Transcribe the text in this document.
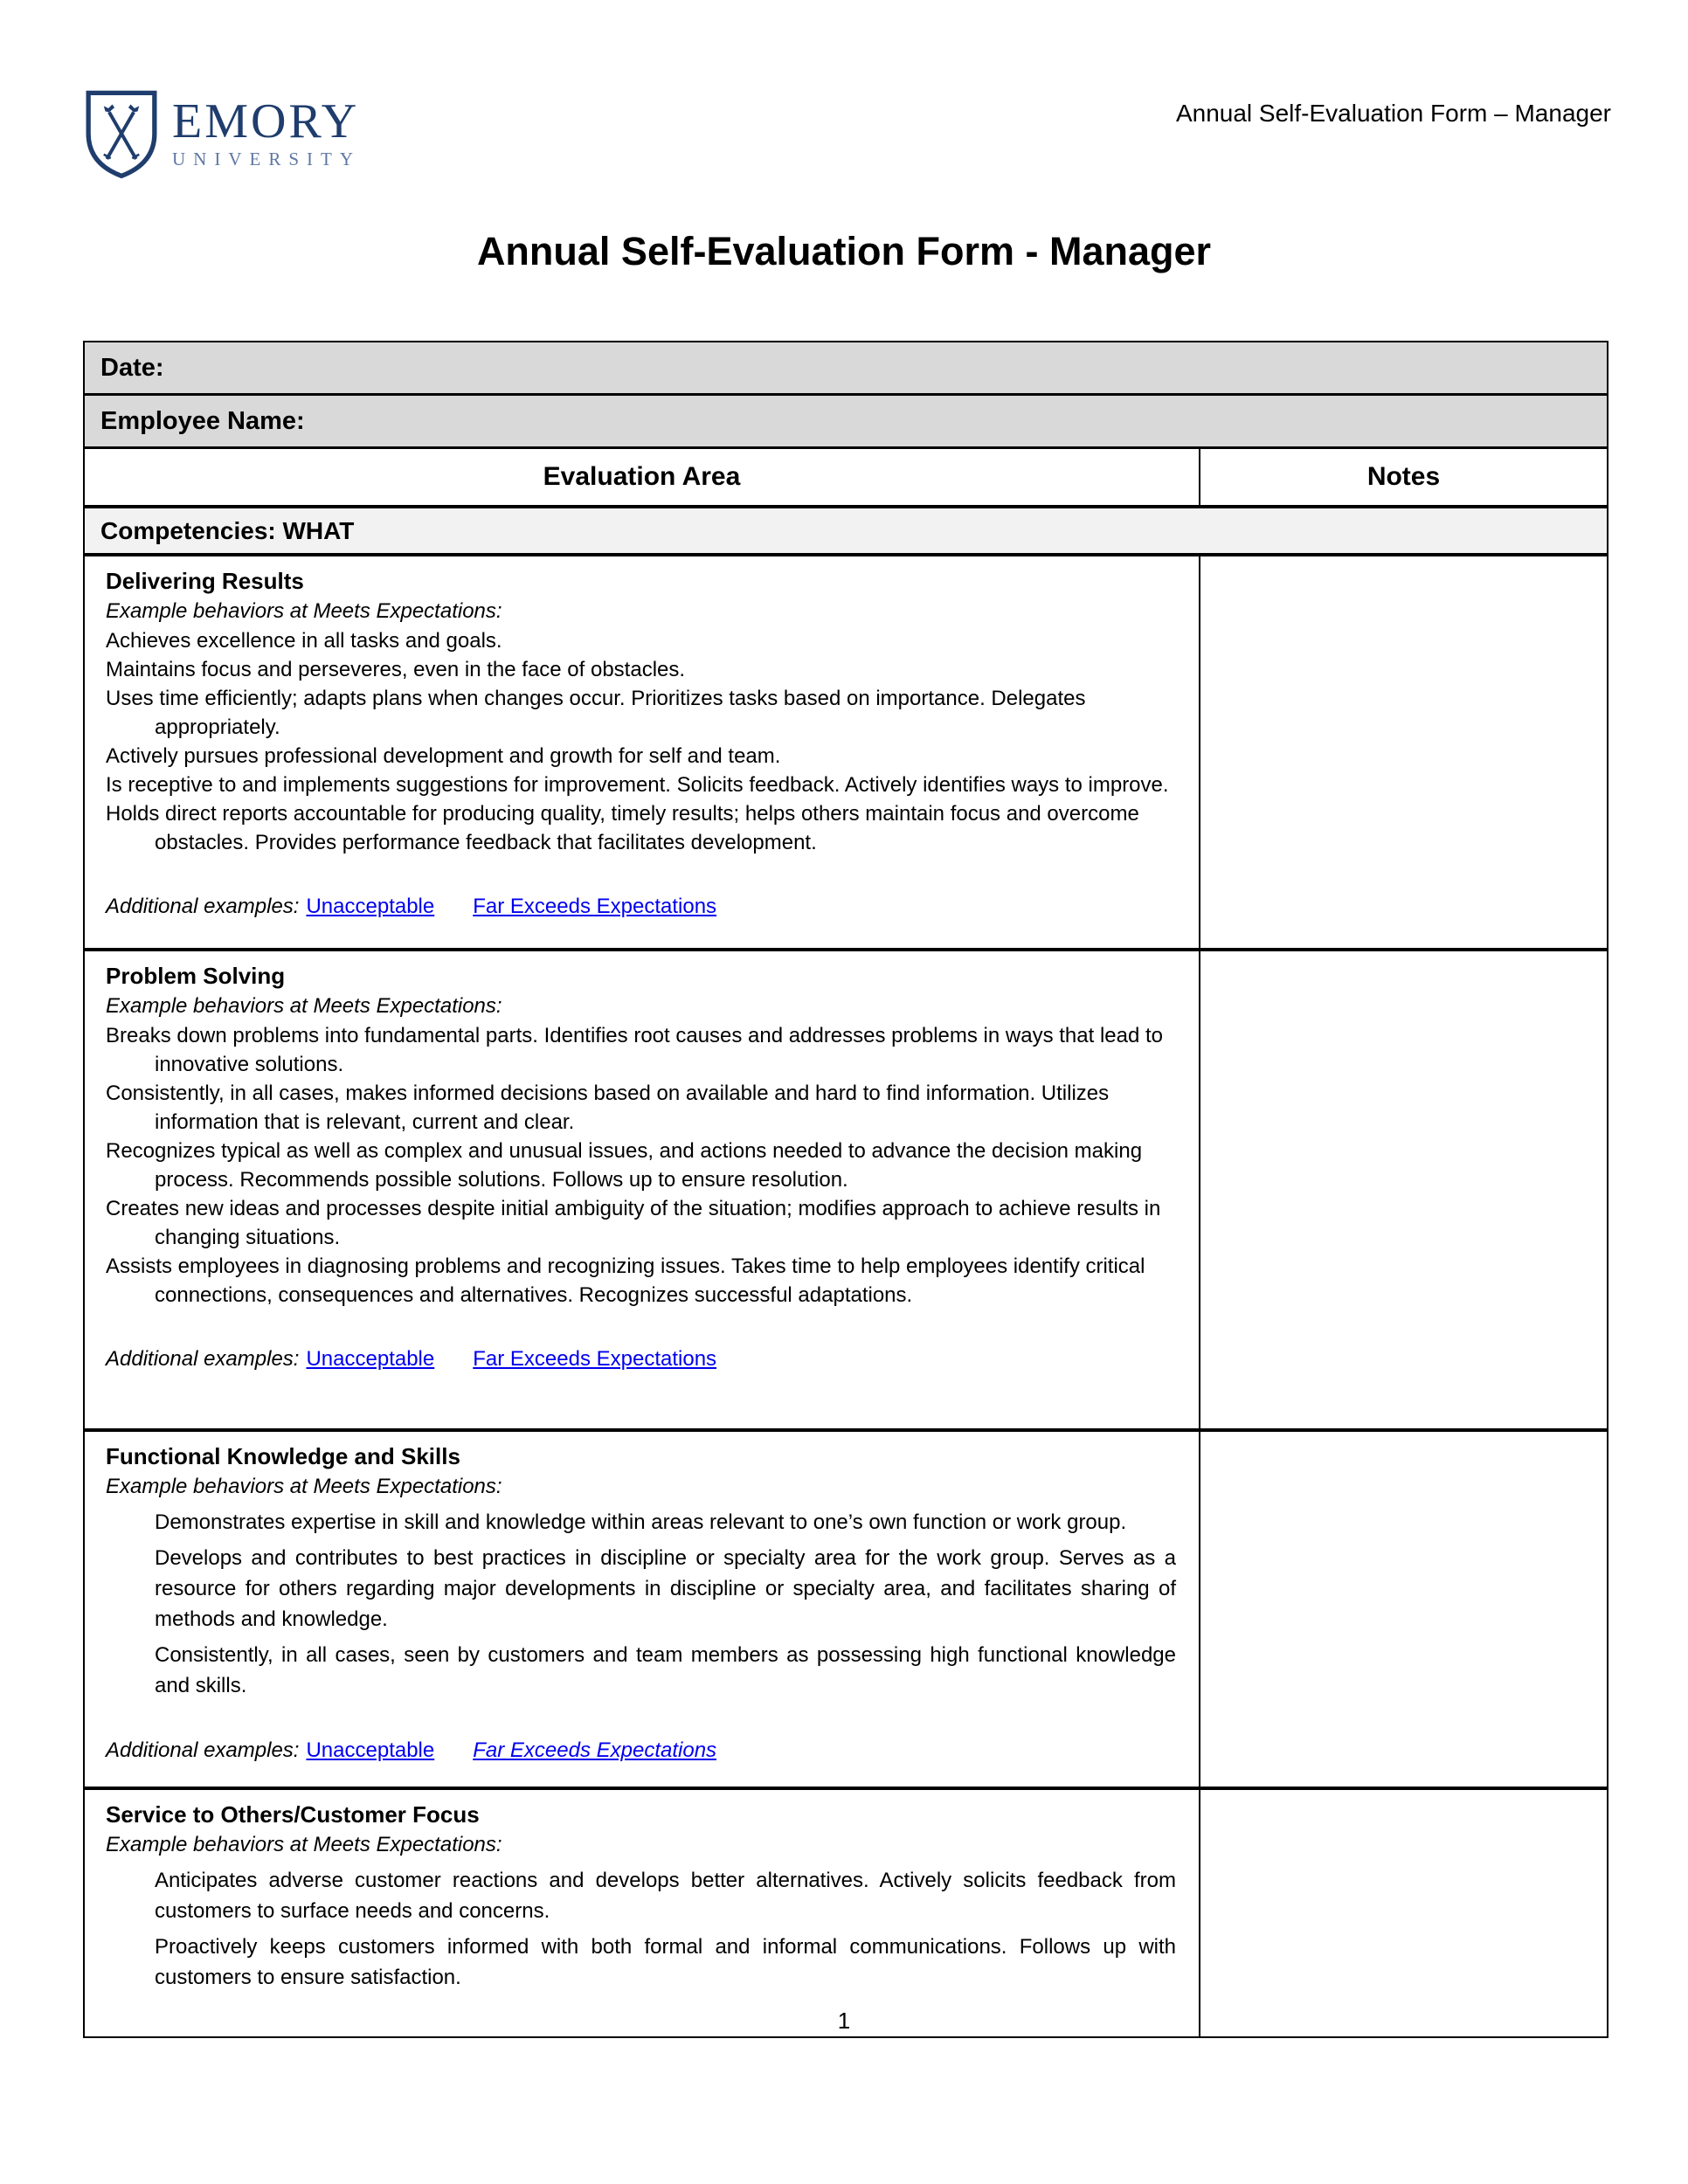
EMORY
UNIVERSITY
Annual Self-Evaluation Form – Manager
Annual Self-Evaluation Form - Manager
Date:
Employee Name:
Evaluation Area	Notes
Competencies: WHAT
Delivering Results
Example behaviors at Meets Expectations:
Achieves excellence in all tasks and goals.
Maintains focus and perseveres, even in the face of obstacles.
Uses time efficiently; adapts plans when changes occur. Prioritizes tasks based on importance. Delegates appropriately.
Actively pursues professional development and growth for self and team.
Is receptive to and implements suggestions for improvement. Solicits feedback. Actively identifies ways to improve.
Holds direct reports accountable for producing quality, timely results; helps others maintain focus and overcome obstacles. Provides performance feedback that facilitates development.
Additional examples: Unacceptable Far Exceeds Expectations
Problem Solving
Example behaviors at Meets Expectations:
Breaks down problems into fundamental parts. Identifies root causes and addresses problems in ways that lead to innovative solutions.
Consistently, in all cases, makes informed decisions based on available and hard to find information. Utilizes information that is relevant, current and clear.
Recognizes typical as well as complex and unusual issues, and actions needed to advance the decision making process. Recommends possible solutions. Follows up to ensure resolution.
Creates new ideas and processes despite initial ambiguity of the situation; modifies approach to achieve results in changing situations.
Assists employees in diagnosing problems and recognizing issues. Takes time to help employees identify critical connections, consequences and alternatives. Recognizes successful adaptations.
Additional examples: Unacceptable Far Exceeds Expectations
Functional Knowledge and Skills
Example behaviors at Meets Expectations:
Demonstrates expertise in skill and knowledge within areas relevant to one’s own function or work group.
Develops and contributes to best practices in discipline or specialty area for the work group. Serves as a resource for others regarding major developments in discipline or specialty area, and facilitates sharing of methods and knowledge.
Consistently, in all cases, seen by customers and team members as possessing high functional knowledge and skills.
Additional examples: Unacceptable Far Exceeds Expectations
Service to Others/Customer Focus
Example behaviors at Meets Expectations:
Anticipates adverse customer reactions and develops better alternatives. Actively solicits feedback from customers to surface needs and concerns.
Proactively keeps customers informed with both formal and informal communications. Follows up with customers to ensure satisfaction.
1
